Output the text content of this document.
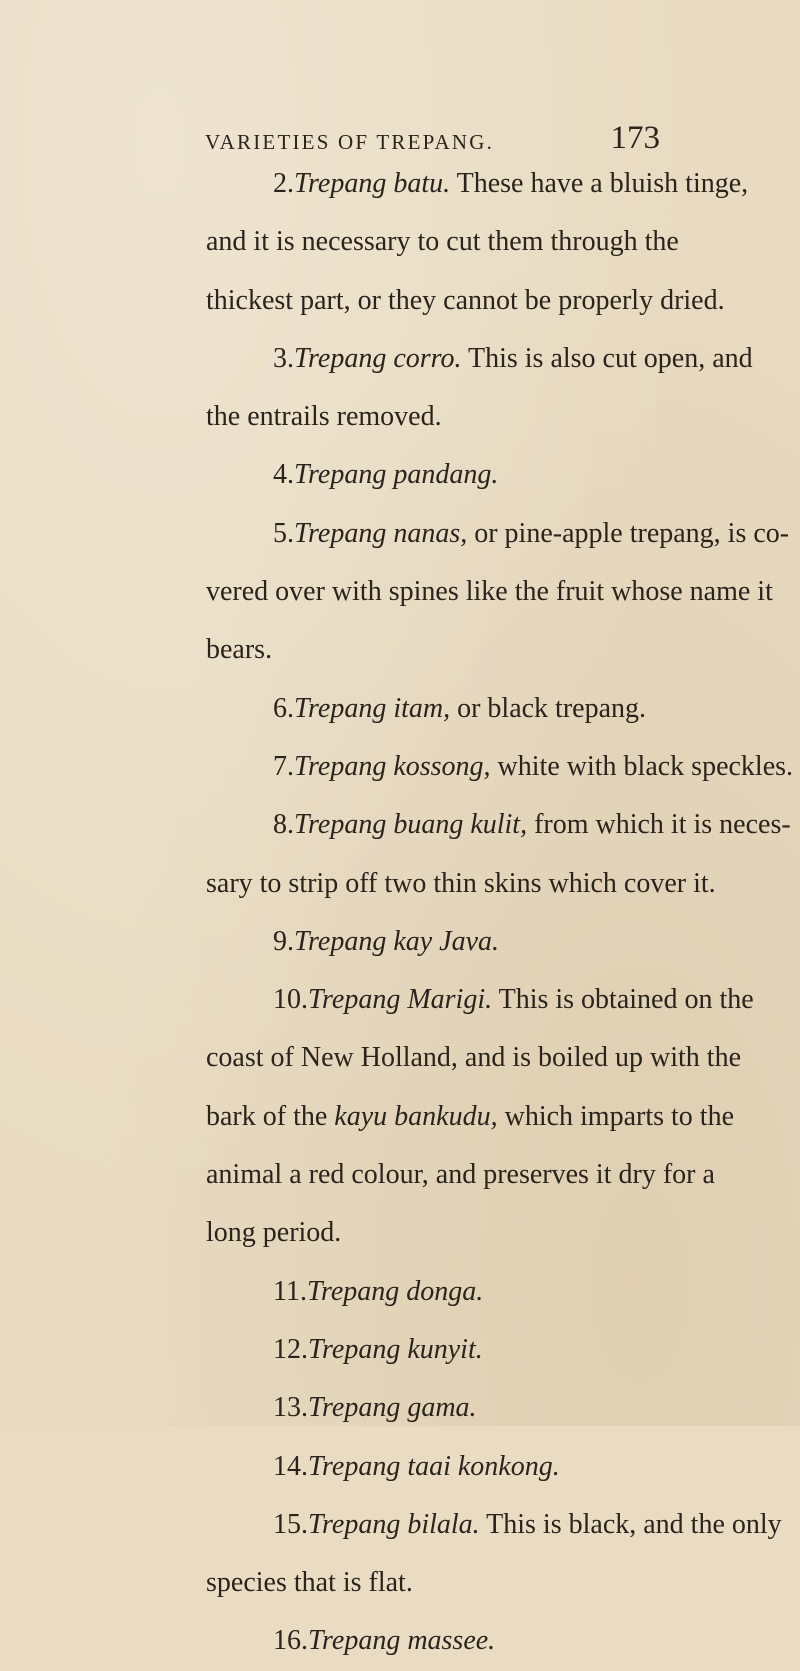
VARIETIES OF TREPANG.	173
2.Trepang batu. These have a bluish tinge,
and it is necessary to cut them through the
thickest part, or they cannot be properly dried.
3.Trepang corro. This is also cut open, and
the entrails removed.
4.Trepang pandang.
5.Trepang nanas, or pine-apple trepang, is co-
vered over with spines like the fruit whose name it
bears.
6.Trepang itam, or black trepang.
7.Trepang kossong, white with black speckles.
8.Trepang buang kulit, from which it is neces-
sary to strip off two thin skins which cover it.
9.Trepang kay Java.
10.Trepang Marigi. This is obtained on the
coast of New Holland, and is boiled up with the
bark of the kayu bankudu, which imparts to the
animal a red colour, and preserves it dry for a
long period.
11.Trepang donga.
12.Trepang kunyit.
13.Trepang gama.
14.Trepang taai konkong.
15.Trepang bilala. This is black, and the only
species that is flat.
16.Trepang massee.
